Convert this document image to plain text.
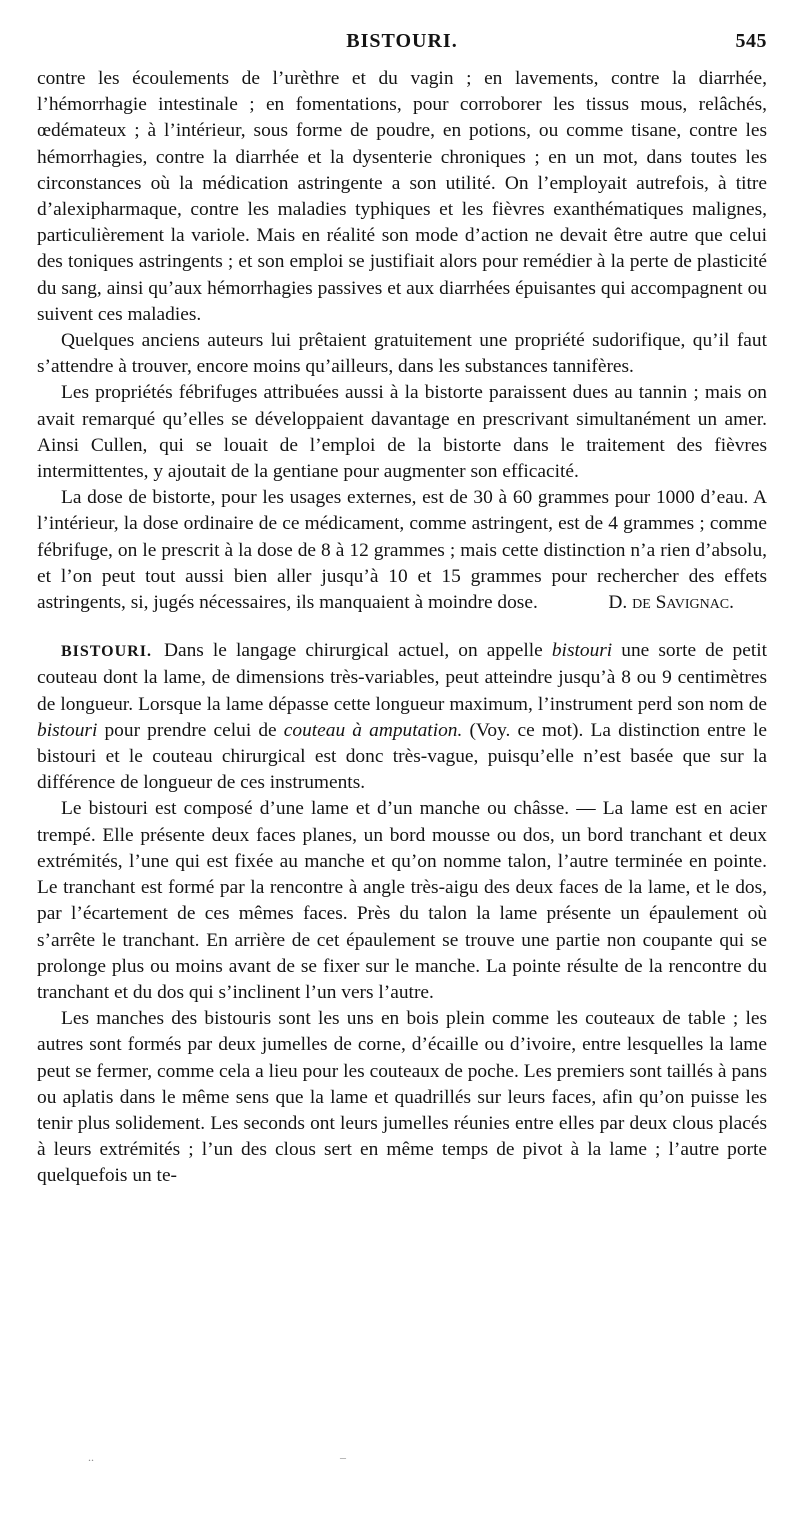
BISTOURI.	545

contre les écoulements de l’urèthre et du vagin ; en lavements, contre la diarrhée, l’hémorrhagie intestinale ; en fomentations, pour corroborer les tissus mous, relâchés, œdémateux ; à l’intérieur, sous forme de poudre, en potions, ou comme tisane, contre les hémorrhagies, contre la diarrhée et la dysenterie chroniques ; en un mot, dans toutes les circonstances où la médication astringente a son utilité. On l’employait autrefois, à titre d’alexipharmaque, contre les maladies typhiques et les fièvres exanthématiques malignes, particulièrement la variole. Mais en réalité son mode d’action ne devait être autre que celui des toniques astringents ; et son emploi se justifiait alors pour remédier à la perte de plasticité du sang, ainsi qu’aux hémorrhagies passives et aux diarrhées épuisantes qui accompagnent ou suivent ces maladies.

Quelques anciens auteurs lui prêtaient gratuitement une propriété sudorifique, qu’il faut s’attendre à trouver, encore moins qu’ailleurs, dans les substances tannifères.

Les propriétés fébrifuges attribuées aussi à la bistorte paraissent dues au tannin ; mais on avait remarqué qu’elles se développaient davantage en prescrivant simultanément un amer. Ainsi Cullen, qui se louait de l’emploi de la bistorte dans le traitement des fièvres intermittentes, y ajoutait de la gentiane pour augmenter son efficacité.

La dose de bistorte, pour les usages externes, est de 30 à 60 grammes pour 1000 d’eau. A l’intérieur, la dose ordinaire de ce médicament, comme astringent, est de 4 grammes ; comme fébrifuge, on le prescrit à la dose de 8 à 12 grammes ; mais cette distinction n’a rien d’absolu, et l’on peut tout aussi bien aller jusqu’à 10 et 15 grammes pour rechercher des effets astringents, si, jugés nécessaires, ils manquaient à moindre dose.	D. de Savignac.

BISTOURI. Dans le langage chirurgical actuel, on appelle bistouri une sorte de petit couteau dont la lame, de dimensions très-variables, peut atteindre jusqu’à 8 ou 9 centimètres de longueur. Lorsque la lame dépasse cette longueur maximum, l’instrument perd son nom de bistouri pour prendre celui de couteau à amputation. (Voy. ce mot). La distinction entre le bistouri et le couteau chirurgical est donc très-vague, puisqu’elle n’est basée que sur la différence de longueur de ces instruments.

Le bistouri est composé d’une lame et d’un manche ou châsse. — La lame est en acier trempé. Elle présente deux faces planes, un bord mousse ou dos, un bord tranchant et deux extrémités, l’une qui est fixée au manche et qu’on nomme talon, l’autre terminée en pointe. Le tranchant est formé par la rencontre à angle très-aigu des deux faces de la lame, et le dos, par l’écartement de ces mêmes faces. Près du talon la lame présente un épaulement où s’arrête le tranchant. En arrière de cet épaulement se trouve une partie non coupante qui se prolonge plus ou moins avant de se fixer sur le manche. La pointe résulte de la rencontre du tranchant et du dos qui s’inclinent l’un vers l’autre.

Les manches des bistouris sont les uns en bois plein comme les couteaux de table ; les autres sont formés par deux jumelles de corne, d’écaille ou d’ivoire, entre lesquelles la lame peut se fermer, comme cela a lieu pour les couteaux de poche. Les premiers sont taillés à pans ou aplatis dans le même sens que la lame et quadrillés sur leurs faces, afin qu’on puisse les tenir plus solidement. Les seconds ont leurs jumelles réunies entre elles par deux clous placés à leurs extrémités ; l’un des clous sert en même temps de pivot à la lame ; l’autre porte quelquefois un te-

..	–
